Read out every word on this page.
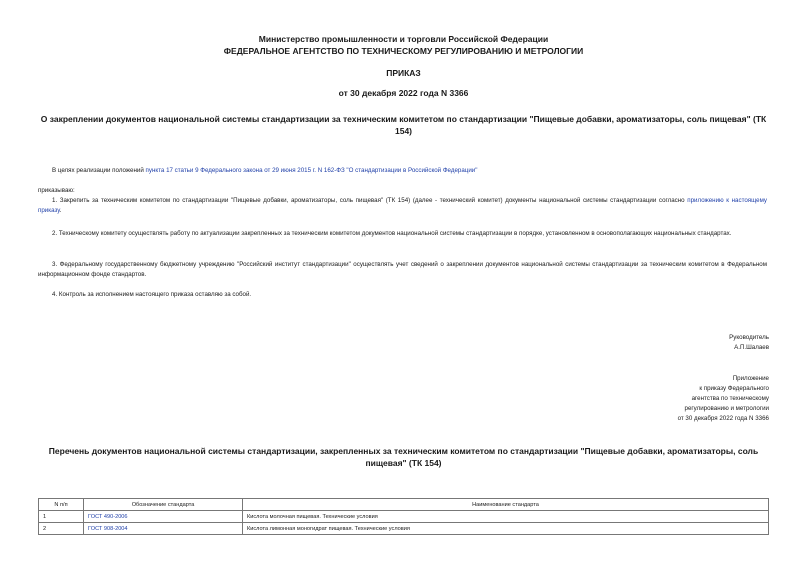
Министерство промышленности и торговли Российской Федерации
ФЕДЕРАЛЬНОЕ АГЕНТСТВО ПО ТЕХНИЧЕСКОМУ РЕГУЛИРОВАНИЮ И МЕТРОЛОГИИ
ПРИКАЗ
от 30 декабря 2022 года N 3366
О закреплении документов национальной системы стандартизации за техническим комитетом по стандартизации "Пищевые добавки, ароматизаторы, соль пищевая" (ТК 154)
В целях реализации положений пункта 17 статьи 9 Федерального закона от 29 июня 2015 г. N 162-ФЗ "О стандартизации в Российской Федерации"
приказываю:
1. Закрепить за техническим комитетом по стандартизации "Пищевые добавки, ароматизаторы, соль пищевая" (ТК 154) (далее - технический комитет) документы национальной системы стандартизации согласно приложению к настоящему приказу.
2. Техническому комитету осуществлять работу по актуализации закрепленных за техническим комитетом документов национальной системы стандартизации в порядке, установленном в основополагающих национальных стандартах.
3. Федеральному государственному бюджетному учреждению "Российский институт стандартизации" осуществлять учет сведений о закреплении документов национальной системы стандартизации за техническим комитетом в Федеральном информационном фонде стандартов.
4. Контроль за исполнением настоящего приказа оставляю за собой.
Руководитель
А.П.Шалаев
Приложение
к приказу Федерального
агентства по техническому
регулированию и метрологии
от 30 декабря 2022 года N 3366
Перечень документов национальной системы стандартизации, закрепленных за техническим комитетом по стандартизации "Пищевые добавки, ароматизаторы, соль пищевая" (ТК 154)
N п/п	Обозначение стандарта	Наименование стандарта
1	ГОСТ 490-2006	Кислота молочная пищевая. Технические условия
2	ГОСТ 908-2004	Кислота лимонная моногидрат пищевая. Технические условия
